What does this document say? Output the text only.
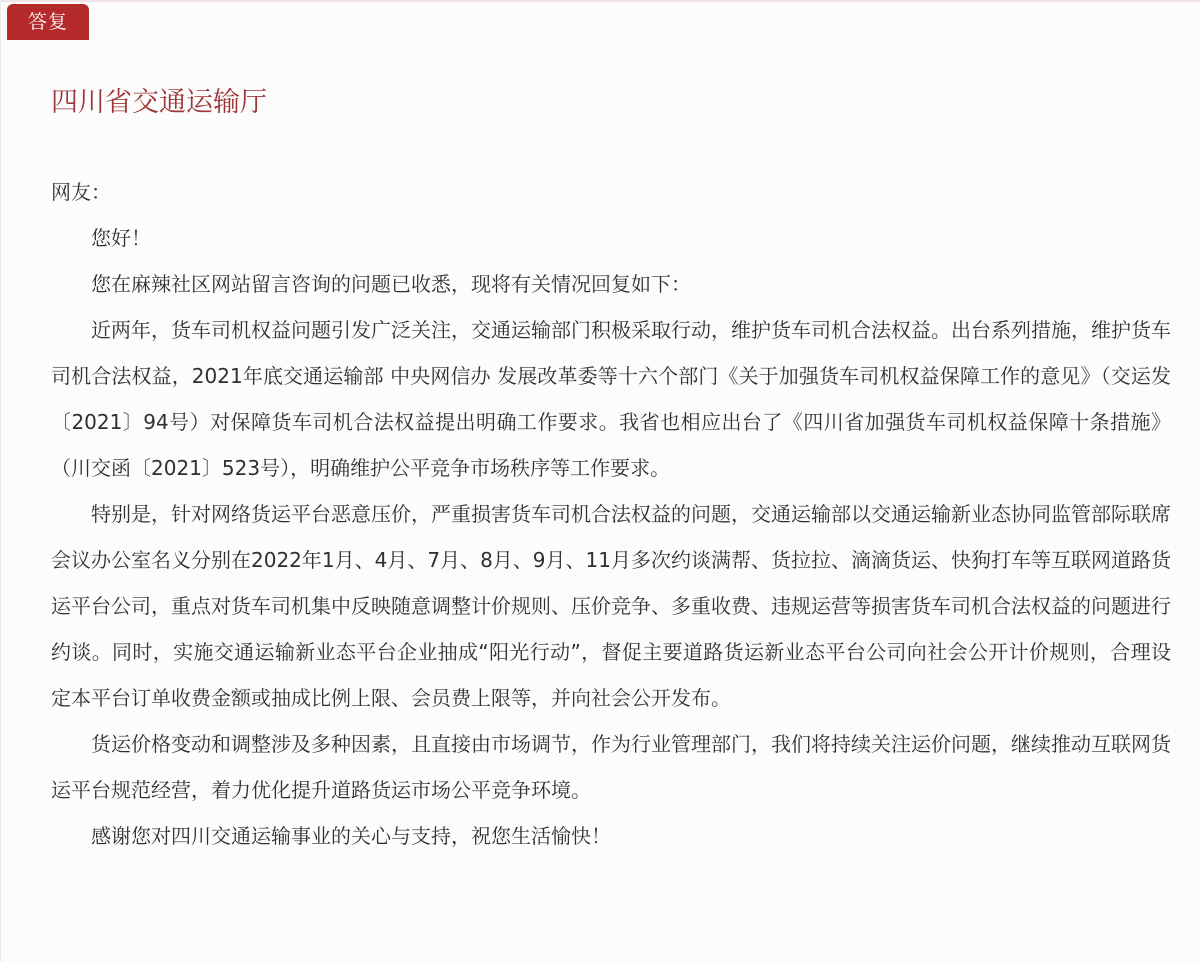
答复
四川省交通运输厅

网友：

您好！

您在麻辣社区网站留言咨询的问题已收悉，现将有关情况回复如下：

近两年，货车司机权益问题引发广泛关注，交通运输部门积极采取行动，维护货车司机合法权益。出台系列措施，维护货车司机合法权益，2021年底交通运输部 中央网信办 发展改革委等十六个部门《关于加强货车司机权益保障工作的意见》（交运发〔2021〕94号）对保障货车司机合法权益提出明确工作要求。我省也相应出台了《四川省加强货车司机权益保障十条措施》（川交函〔2021〕523号），明确维护公平竞争市场秩序等工作要求。

特别是，针对网络货运平台恶意压价，严重损害货车司机合法权益的问题，交通运输部以交通运输新业态协同监管部际联席会议办公室名义分别在2022年1月、4月、7月、8月、9月、11月多次约谈满帮、货拉拉、滴滴货运、快狗打车等互联网道路货运平台公司，重点对货车司机集中反映随意调整计价规则、压价竞争、多重收费、违规运营等损害货车司机合法权益的问题进行约谈。同时，实施交通运输新业态平台企业抽成“阳光行动”，督促主要道路货运新业态平台公司向社会公开计价规则，合理设定本平台订单收费金额或抽成比例上限、会员费上限等，并向社会公开发布。

货运价格变动和调整涉及多种因素，且直接由市场调节，作为行业管理部门，我们将持续关注运价问题，继续推动互联网货运平台规范经营，着力优化提升道路货运市场公平竞争环境。

感谢您对四川交通运输事业的关心与支持，祝您生活愉快！
